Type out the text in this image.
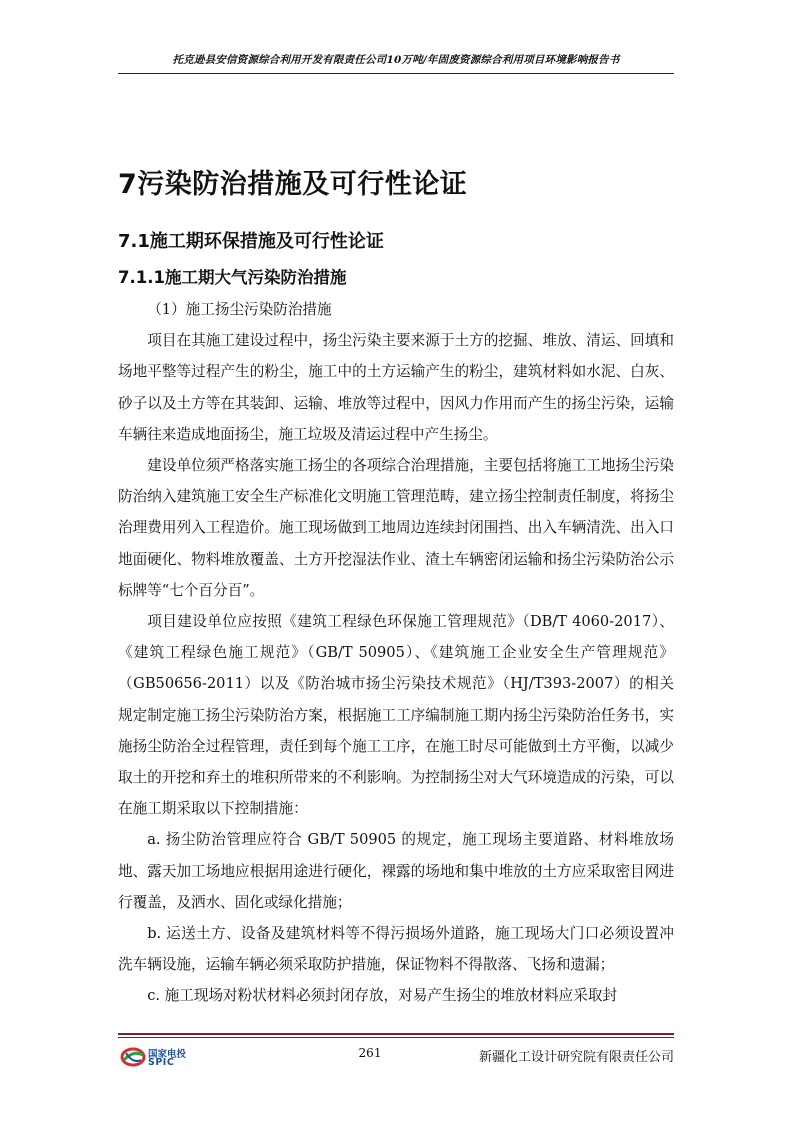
托克逊县安信资源综合利用开发有限责任公司10万吨/年固废资源综合利用项目环境影响报告书
7污染防治措施及可行性论证
7.1施工期环保措施及可行性论证
7.1.1施工期大气污染防治措施

（1）施工扬尘污染防治措施

项目在其施工建设过程中，扬尘污染主要来源于土方的挖掘、堆放、清运、回填和场地平整等过程产生的粉尘，施工中的土方运输产生的粉尘，建筑材料如水泥、白灰、砂子以及土方等在其装卸、运输、堆放等过程中，因风力作用而产生的扬尘污染，运输车辆往来造成地面扬尘，施工垃圾及清运过程中产生扬尘。

建设单位须严格落实施工扬尘的各项综合治理措施，主要包括将施工工地扬尘污染防治纳入建筑施工安全生产标准化文明施工管理范畴，建立扬尘控制责任制度，将扬尘治理费用列入工程造价。施工现场做到工地周边连续封闭围挡、出入车辆清洗、出入口地面硬化、物料堆放覆盖、土方开挖湿法作业、渣土车辆密闭运输和扬尘污染防治公示标牌等“七个百分百”。

项目建设单位应按照《建筑工程绿色环保施工管理规范》（DB/T 4060-2017）、《建筑工程绿色施工规范》（GB/T 50905）、《建筑施工企业安全生产管理规范》（GB50656-2011）以及《防治城市扬尘污染技术规范》（HJ/T393-2007）的相关规定制定施工扬尘污染防治方案，根据施工工序编制施工期内扬尘污染防治任务书，实施扬尘防治全过程管理，责任到每个施工工序，在施工时尽可能做到土方平衡，以减少取土的开挖和弃土的堆积所带来的不利影响。为控制扬尘对大气环境造成的污染，可以在施工期采取以下控制措施：

a. 扬尘防治管理应符合 GB/T 50905 的规定，施工现场主要道路、材料堆放场地、露天加工场地应根据用途进行硬化，裸露的场地和集中堆放的土方应采取密目网进行覆盖，及洒水、固化或绿化措施；

b. 运送土方、设备及建筑材料等不得污损场外道路，施工现场大门口必须设置冲洗车辆设施，运输车辆必须采取防护措施，保证物料不得散落、飞扬和遗漏；

c. 施工现场对粉状材料必须封闭存放，对易产生扬尘的堆放材料应采取封

国家电投
SPIC
261	新疆化工设计研究院有限责任公司
